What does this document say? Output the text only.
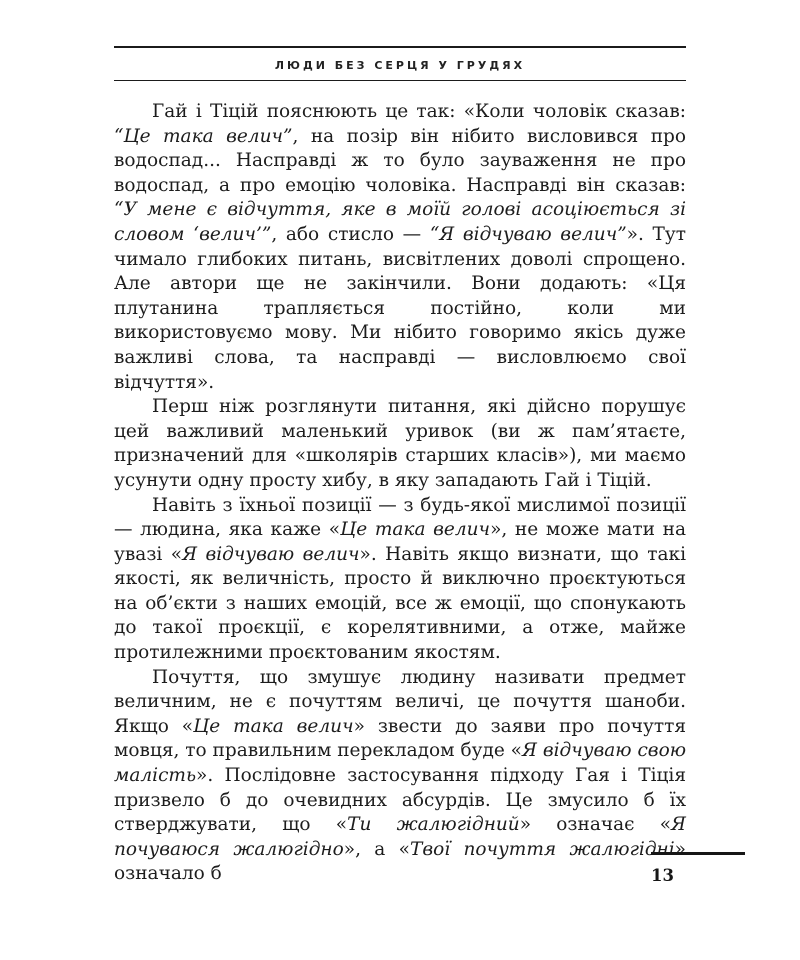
ЛЮДИ БЕЗ СЕРЦЯ У ГРУДЯХ

Гай і Тіцій пояснюють це так: «Коли чоловік сказав: “Це така велич”, на позір він нібито висловився про водоспад... Насправді ж то було зауваження не про водоспад, а про емоцію чоловіка. Насправді він сказав: “У мене є відчуття, яке в моїй голові асоціюється зі словом ‘велич’”, або стисло — “Я відчуваю велич”». Тут чимало глибоких питань, висвітлених доволі спрощено. Але автори ще не закінчили. Вони додають: «Ця плутанина трапляється постійно, коли ми використовуємо мову. Ми нібито говоримо якісь дуже важливі слова, та насправді — висловлюємо свої відчуття».

Перш ніж розглянути питання, які дійсно порушує цей важливий маленький уривок (ви ж пам’ятаєте, призначений для «школярів старших класів»), ми маємо усунути одну просту хибу, в яку западають Гай і Тіцій.

Навіть з їхньої позиції — з будь-якої мислимої позиції — людина, яка каже «Це така велич», не може мати на увазі «Я відчуваю велич». Навіть якщо визнати, що такі якості, як величність, просто й виключно проєктуються на об’єкти з наших емоцій, все ж емоції, що спонукають до такої проєкції, є корелятивними, а отже, майже протилежними проєктованим якостям.

Почуття, що змушує людину називати предмет величним, не є почуттям величі, це почуття шаноби. Якщо «Це така велич» звести до заяви про почуття мовця, то правильним перекладом буде «Я відчуваю свою малість». Послідовне застосування підходу Гая і Тіція призвело б до очевидних абсурдів. Це змусило б їх стверджувати, що «Ти жалюгідний» означає «Я почуваюся жалюгідно», а «Твої почуття жалюгідні» означало б	13
